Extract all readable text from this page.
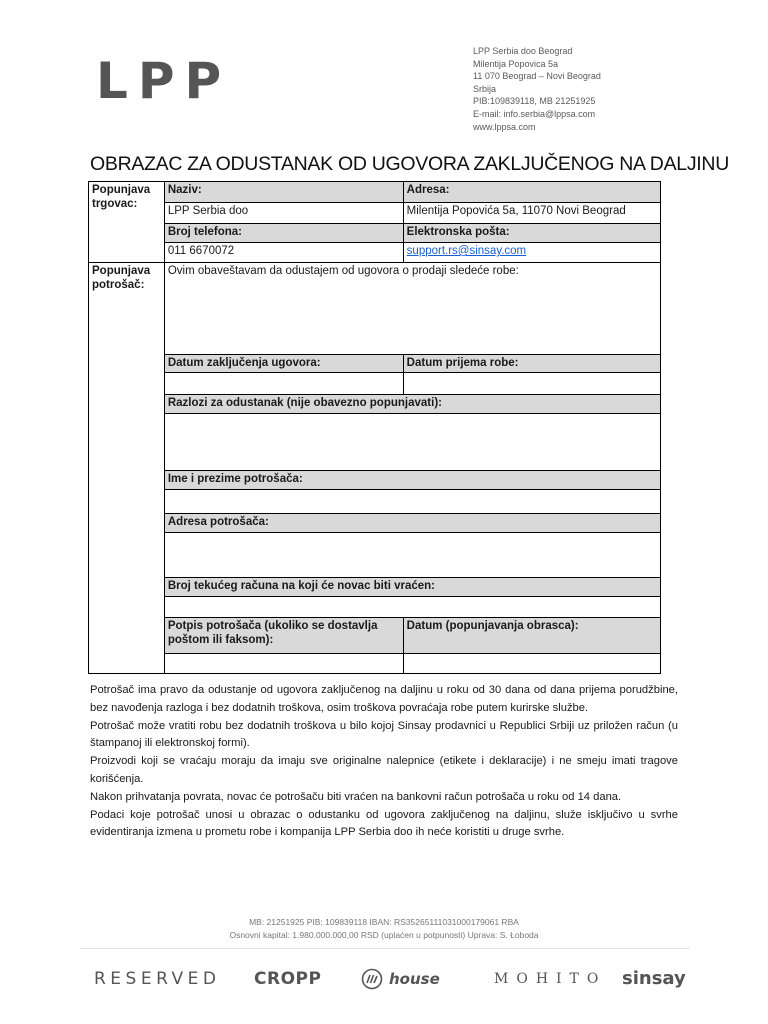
LPP
LPP Serbia doo Beograd
Milentija Popovica 5a
11 070 Beograd – Novi Beograd
Srbija
PIB:109839118, MB 21251925
E-mail: info.serbia@lppsa.com
www.lppsa.com
OBRAZAC ZA ODUSTANAK OD UGOVORA ZAKLJUČENOG NA DALJINU
Popunjava trgovac:	Naziv:	Adresa:
	LPP Serbia doo	Milentija Popovića 5a, 11070 Novi Beograd
	Broj telefona:	Elektronska pošta:
	011 6670072	support.rs@sinsay.com
Popunjava potrošač:	Ovim obaveštavam da odustajem od ugovora o prodaji sledeće robe:	
	Datum zaključenja ugovora:	Datum prijema robe:

	Razlozi za odustanak (nije obavezno popunjavati):	

	Ime i prezime potrošača:	

	Adresa potrošača:	

	Broj tekućeg računa na koji će novac biti vraćen:	

	Potpis potrošača (ukoliko se dostavlja poštom ili faksom):	Datum (popunjavanja obrasca):

Potrošač ima pravo da odustanje od ugovora zaključenog na daljinu u roku od 30 dana od dana prijema porudžbine, bez navođenja razloga i bez dodatnih troškova, osim troškova povraćaja robe putem kurirske službe.

Potrošač može vratiti robu bez dodatnih troškova u bilo kojoj Sinsay prodavnici u Republici Srbiji uz priložen račun (u štampanoj ili elektronskoj formi).

Proizvodi koji se vraćaju moraju da imaju sve originalne nalepnice (etikete i deklaracije) i ne smeju imati tragove korišćenja.

Nakon prihvatanja povrata, novac će potrošaču biti vraćen na bankovni račun potrošača u roku od 14 dana.

Podaci koje potrošač unosi u obrazac o odustanku od ugovora zaključenog na daljinu, služe isključivo u svrhe evidentiranja izmena u prometu robe i kompanija LPP Serbia doo ih neće koristiti u druge svrhe.

MB: 21251925 PIB: 109839118 IBAN: RS35265111031000179061 RBA
Osnovni kapital: 1.980.000.000,00 RSD (uplaćen u potpunosti) Uprava: S. Łoboda
RESERVED CROPP	house	MOHITO sinsay
